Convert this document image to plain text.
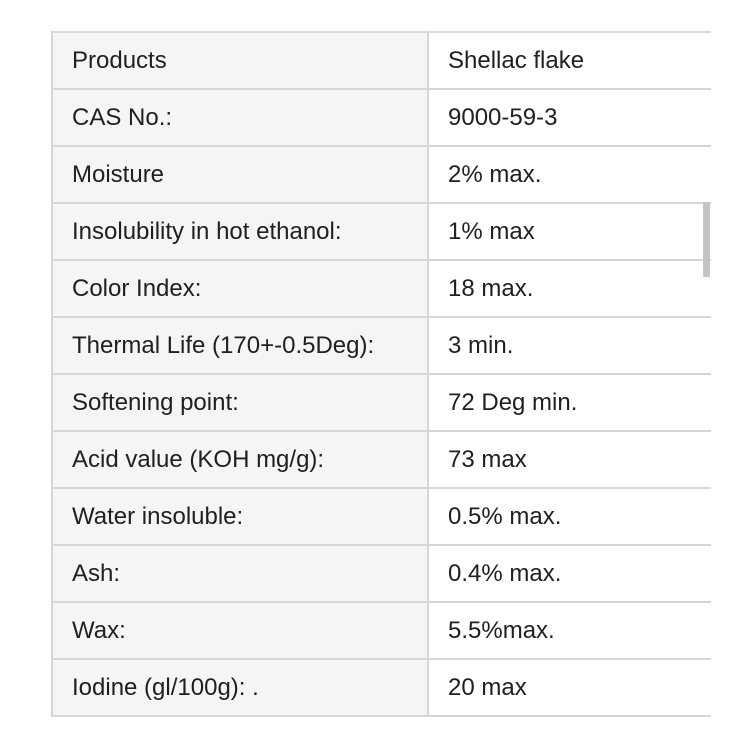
Products	Shellac flake
CAS No.:	9000-59-3
Moisture	2% max.
Insolubility in hot ethanol:	1% max
Color Index:	18 max.
Thermal Life (170+-0.5Deg):	3 min.
Softening point:	72 Deg min.
Acid value (KOH mg/g):	73 max
Water insoluble:	0.5% max.
Ash:	0.4% max.
Wax:	5.5%max.
Iodine (gl/100g): .	20 max
